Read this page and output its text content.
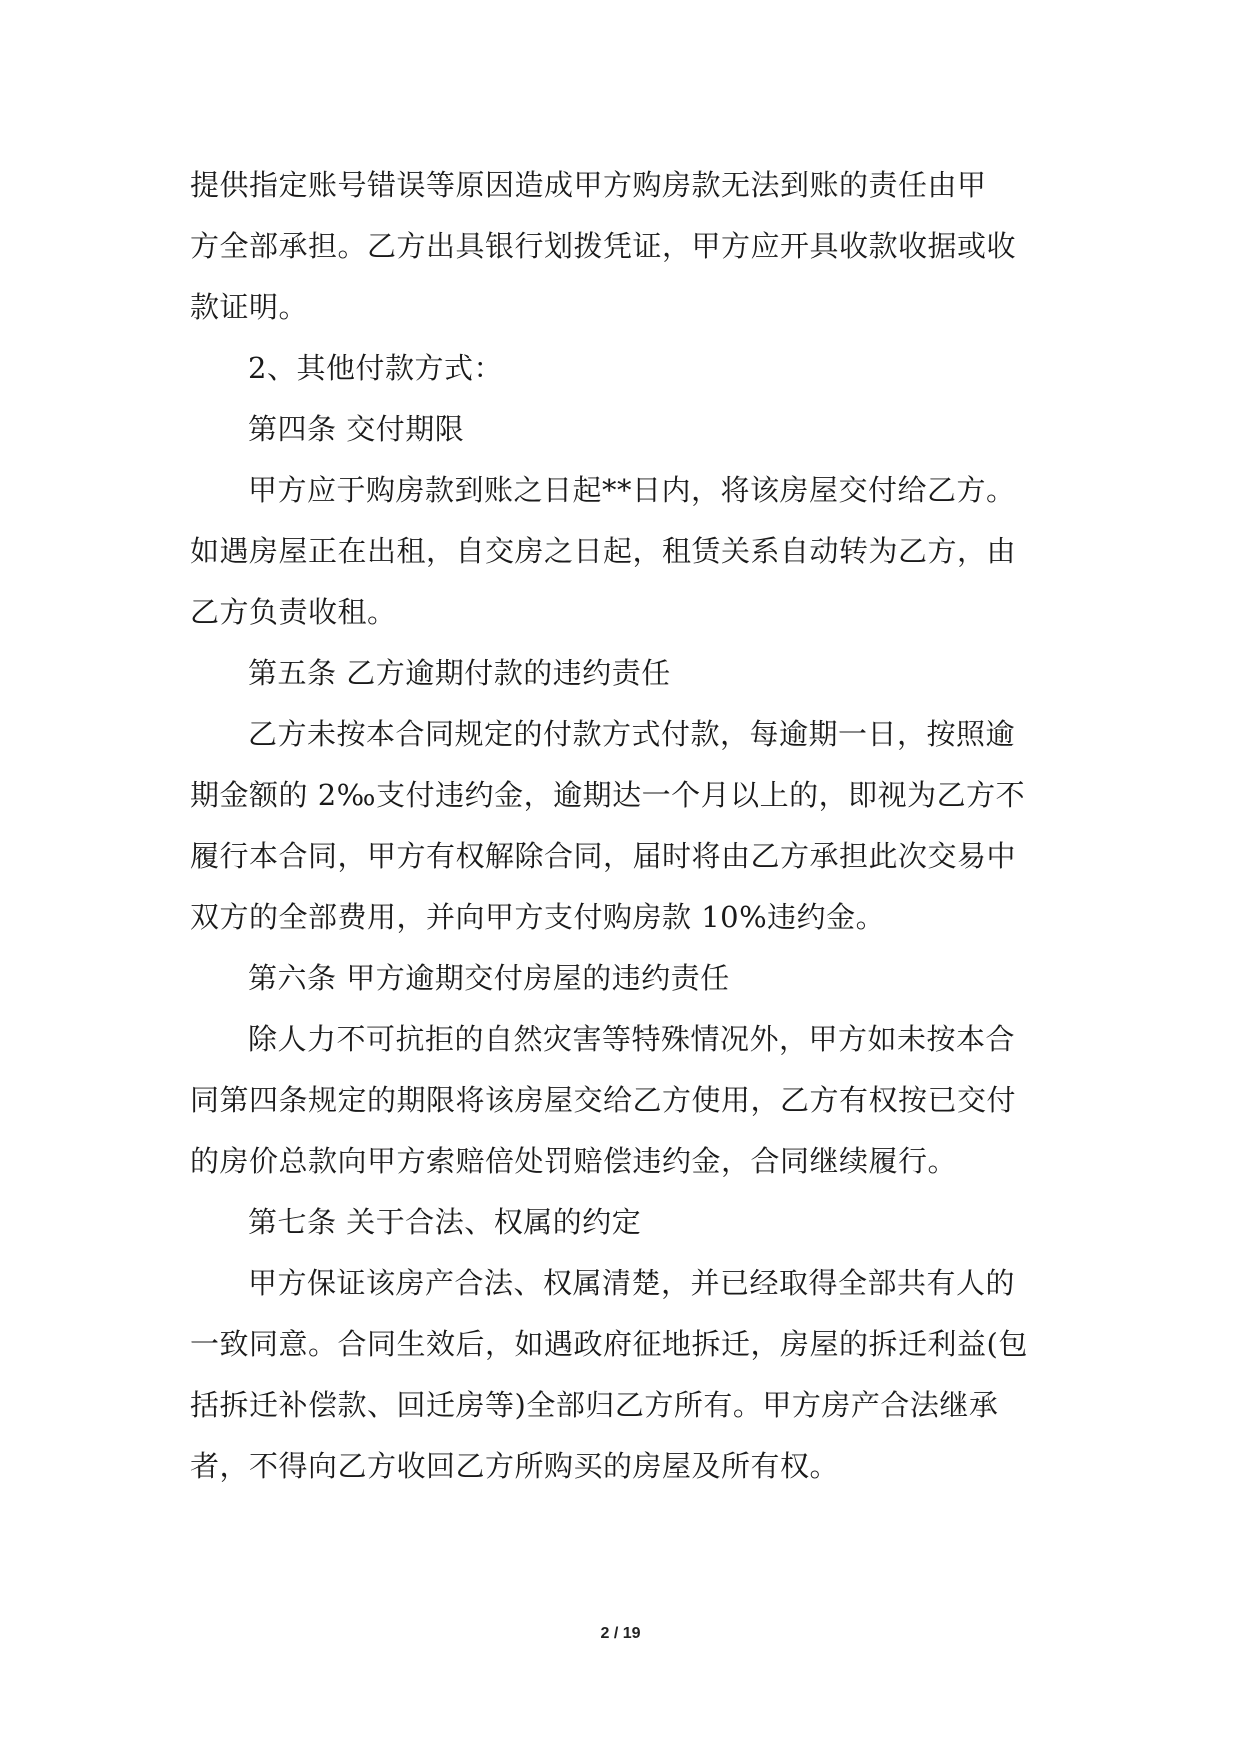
提供指定账号错误等原因造成甲方购房款无法到账的责任由甲
方全部承担。乙方出具银行划拨凭证，甲方应开具收款收据或收
款证明。
2、其他付款方式：
第四条 交付期限
甲方应于购房款到账之日起**日内，将该房屋交付给乙方。
如遇房屋正在出租，自交房之日起，租赁关系自动转为乙方，由
乙方负责收租。
第五条 乙方逾期付款的违约责任
乙方未按本合同规定的付款方式付款，每逾期一日，按照逾
期金额的 2‰支付违约金，逾期达一个月以上的，即视为乙方不
履行本合同，甲方有权解除合同，届时将由乙方承担此次交易中
双方的全部费用，并向甲方支付购房款 10%违约金。
第六条 甲方逾期交付房屋的违约责任
除人力不可抗拒的自然灾害等特殊情况外，甲方如未按本合
同第四条规定的期限将该房屋交给乙方使用，乙方有权按已交付
的房价总款向甲方索赔倍处罚赔偿违约金，合同继续履行。
第七条 关于合法、权属的约定
甲方保证该房产合法、权属清楚，并已经取得全部共有人的
一致同意。合同生效后，如遇政府征地拆迁，房屋的拆迁利益(包
括拆迁补偿款、回迁房等)全部归乙方所有。甲方房产合法继承
者，不得向乙方收回乙方所购买的房屋及所有权。
2 / 19
